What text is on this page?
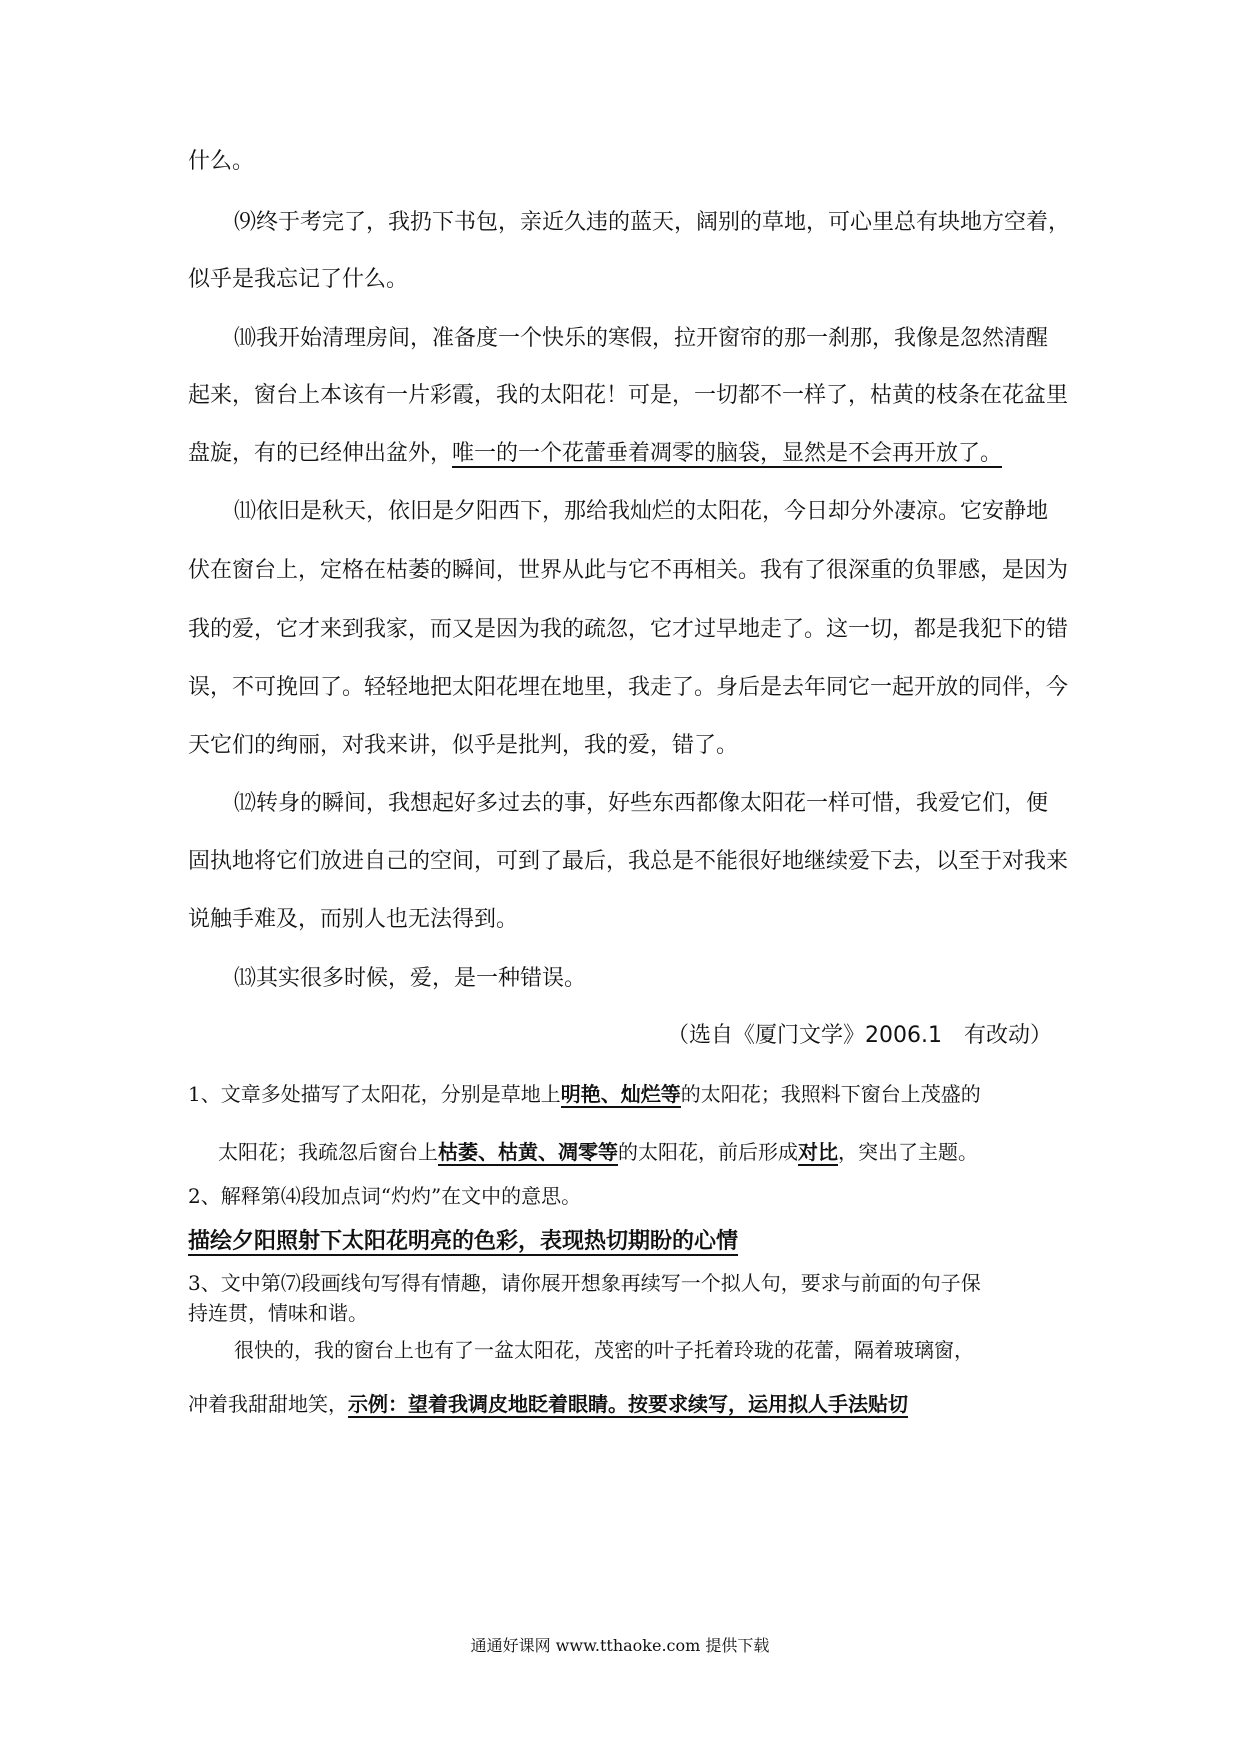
什么。
⑼终于考完了，我扔下书包，亲近久违的蓝天，阔别的草地，可心里总有块地方空着，
似乎是我忘记了什么。
⑽我开始清理房间，准备度一个快乐的寒假，拉开窗帘的那一刹那，我像是忽然清醒
起来，窗台上本该有一片彩霞，我的太阳花！可是，一切都不一样了，枯黄的枝条在花盆里
盘旋，有的已经伸出盆外，唯一的一个花蕾垂着凋零的脑袋，显然是不会再开放了。
⑾依旧是秋天，依旧是夕阳西下，那给我灿烂的太阳花，今日却分外凄凉。它安静地
伏在窗台上，定格在枯萎的瞬间，世界从此与它不再相关。我有了很深重的负罪感，是因为
我的爱，它才来到我家，而又是因为我的疏忽，它才过早地走了。这一切，都是我犯下的错
误，不可挽回了。轻轻地把太阳花埋在地里，我走了。身后是去年同它一起开放的同伴，今
天它们的绚丽，对我来讲，似乎是批判，我的爱，错了。
⑿转身的瞬间，我想起好多过去的事，好些东西都像太阳花一样可惜，我爱它们，便
固执地将它们放进自己的空间，可到了最后，我总是不能很好地继续爱下去，以至于对我来
说触手难及，而别人也无法得到。
⒀其实很多时候，爱，是一种错误。
（选自《厦门文学》2006.1　有改动）
1、文章多处描写了太阳花，分别是草地上明艳、灿烂等的太阳花；我照料下窗台上茂盛的
太阳花；我疏忽后窗台上枯萎、枯黄、凋零等的太阳花，前后形成对比，突出了主题。
2、解释第⑷段加点词“灼灼”在文中的意思。
描绘夕阳照射下太阳花明亮的色彩，表现热切期盼的心情
3、文中第⑺段画线句写得有情趣，请你展开想象再续写一个拟人句，要求与前面的句子保
持连贯，情味和谐。
很快的，我的窗台上也有了一盆太阳花，茂密的叶子托着玲珑的花蕾，隔着玻璃窗，
冲着我甜甜地笑，示例：望着我调皮地眨着眼睛。按要求续写，运用拟人手法贴切
通通好课网 www.tthaoke.com 提供下载
